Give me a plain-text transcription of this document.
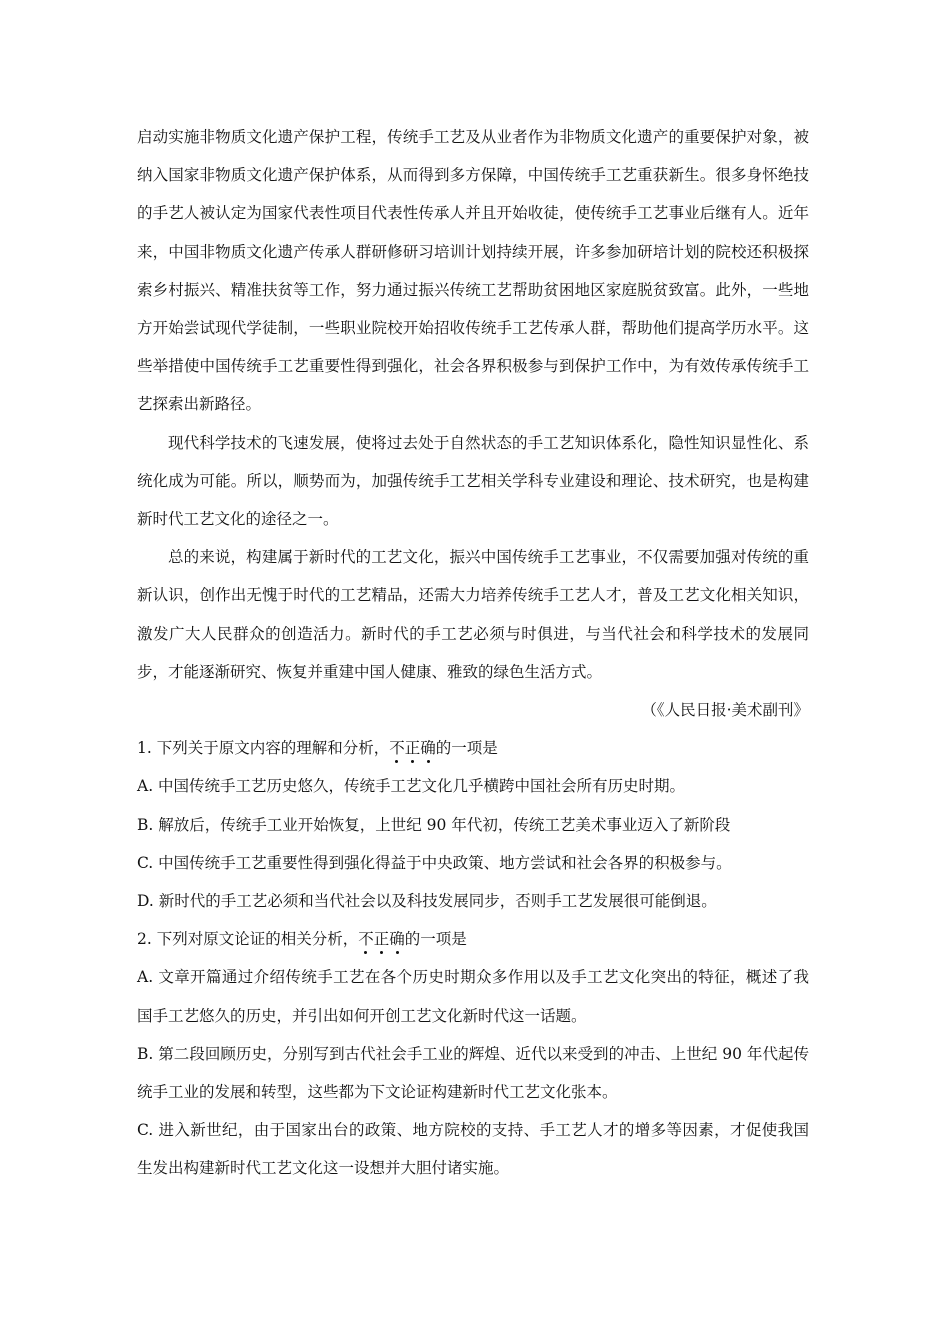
启动实施非物质文化遗产保护工程，传统手工艺及从业者作为非物质文化遗产的重要保护对象，被纳入国家非物质文化遗产保护体系，从而得到多方保障，中国传统手工艺重获新生。很多身怀绝技的手艺人被认定为国家代表性项目代表性传承人并且开始收徒，使传统手工艺事业后继有人。近年来，中国非物质文化遗产传承人群研修研习培训计划持续开展，许多参加研培计划的院校还积极探索乡村振兴、精准扶贫等工作，努力通过振兴传统工艺帮助贫困地区家庭脱贫致富。此外，一些地方开始尝试现代学徒制，一些职业院校开始招收传统手工艺传承人群，帮助他们提高学历水平。这些举措使中国传统手工艺重要性得到强化，社会各界积极参与到保护工作中，为有效传承传统手工艺探索出新路径。

现代科学技术的飞速发展，使将过去处于自然状态的手工艺知识体系化，隐性知识显性化、系统化成为可能。所以，顺势而为，加强传统手工艺相关学科专业建设和理论、技术研究，也是构建新时代工艺文化的途径之一。

总的来说，构建属于新时代的工艺文化，振兴中国传统手工艺事业，不仅需要加强对传统的重新认识，创作出无愧于时代的工艺精品，还需大力培养传统手工艺人才，普及工艺文化相关知识，激发广大人民群众的创造活力。新时代的手工艺必须与时俱进，与当代社会和科学技术的发展同步，才能逐渐研究、恢复并重建中国人健康、雅致的绿色生活方式。

（《人民日报·美术副刊》

1. 下列关于原文内容的理解和分析，不正确的一项是

A. 中国传统手工艺历史悠久，传统手工艺文化几乎横跨中国社会所有历史时期。

B. 解放后，传统手工业开始恢复，上世纪 90 年代初，传统工艺美术事业迈入了新阶段

C. 中国传统手工艺重要性得到强化得益于中央政策、地方尝试和社会各界的积极参与。

D. 新时代的手工艺必须和当代社会以及科技发展同步，否则手工艺发展很可能倒退。

2. 下列对原文论证的相关分析，不正确的一项是

A. 文章开篇通过介绍传统手工艺在各个历史时期众多作用以及手工艺文化突出的特征，概述了我国手工艺悠久的历史，并引出如何开创工艺文化新时代这一话题。

B. 第二段回顾历史，分别写到古代社会手工业的辉煌、近代以来受到的冲击、上世纪 90 年代起传统手工业的发展和转型，这些都为下文论证构建新时代工艺文化张本。

C. 进入新世纪，由于国家出台的政策、地方院校的支持、手工艺人才的增多等因素，才促使我国生发出构建新时代工艺文化这一设想并大胆付诸实施。
